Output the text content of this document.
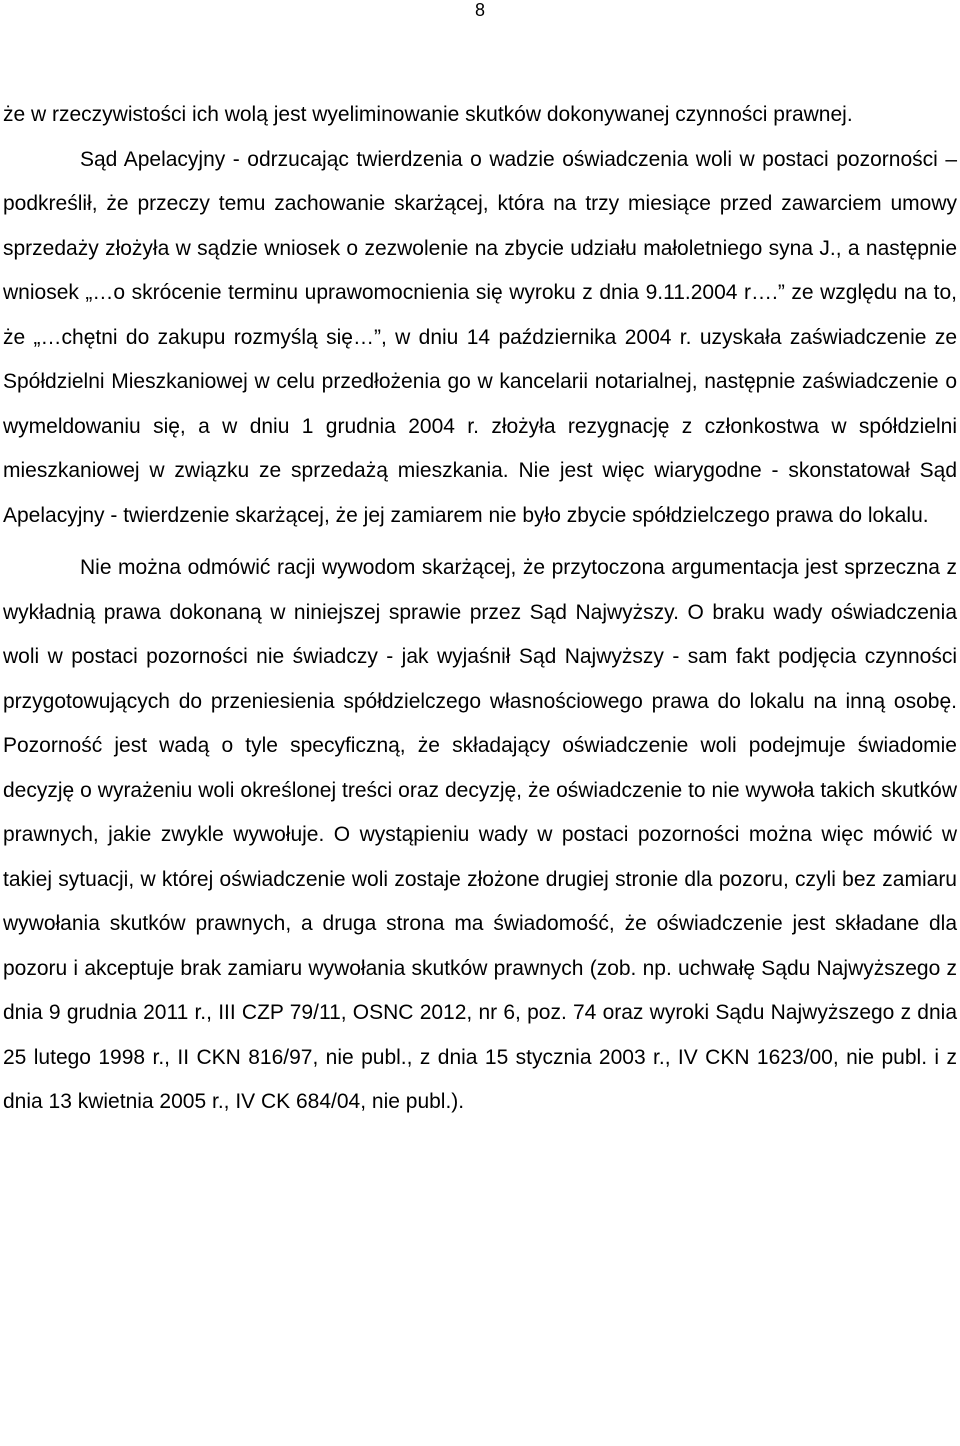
8

że w rzeczywistości ich wolą jest wyeliminowanie skutków dokonywanej czynności prawnej.

Sąd Apelacyjny - odrzucając twierdzenia o wadzie oświadczenia woli w postaci pozorności – podkreślił, że przeczy temu zachowanie skarżącej, która na trzy miesiące przed zawarciem umowy sprzedaży złożyła w sądzie wniosek o zezwolenie na zbycie udziału małoletniego syna J., a następnie wniosek „…o skrócenie terminu uprawomocnienia się wyroku z dnia 9.11.2004 r….” ze względu na to, że „…chętni do zakupu rozmyślą się…”, w dniu 14 października 2004 r. uzyskała zaświadczenie ze Spółdzielni Mieszkaniowej w celu przedłożenia go w kancelarii notarialnej, następnie zaświadczenie o wymeldowaniu się, a w dniu 1 grudnia 2004 r. złożyła rezygnację z członkostwa w spółdzielni mieszkaniowej w związku ze sprzedażą mieszkania. Nie jest więc wiarygodne - skonstatował Sąd Apelacyjny - twierdzenie skarżącej, że jej zamiarem nie było zbycie spółdzielczego prawa do lokalu.

Nie można odmówić racji wywodom skarżącej, że przytoczona argumentacja jest sprzeczna z wykładnią prawa dokonaną w niniejszej sprawie przez Sąd Najwyższy. O braku wady oświadczenia woli w postaci pozorności nie świadczy - jak wyjaśnił Sąd Najwyższy - sam fakt podjęcia czynności przygotowujących do przeniesienia spółdzielczego własnościowego prawa do lokalu na inną osobę. Pozorność jest wadą o tyle specyficzną, że składający oświadczenie woli podejmuje świadomie decyzję o wyrażeniu woli określonej treści oraz decyzję, że oświadczenie to nie wywoła takich skutków prawnych, jakie zwykle wywołuje. O wystąpieniu wady w postaci pozorności można więc mówić w takiej sytuacji, w której oświadczenie woli zostaje złożone drugiej stronie dla pozoru, czyli bez zamiaru wywołania skutków prawnych, a druga strona ma świadomość, że oświadczenie jest składane dla pozoru i akceptuje brak zamiaru wywołania skutków prawnych (zob. np. uchwałę Sądu Najwyższego z dnia 9 grudnia 2011 r., III CZP 79/11, OSNC 2012, nr 6, poz. 74 oraz wyroki Sądu Najwyższego z dnia 25 lutego 1998 r., II CKN 816/97, nie publ., z dnia 15 stycznia 2003 r., IV CKN 1623/00, nie publ. i z dnia 13 kwietnia 2005 r., IV CK 684/04, nie publ.).
